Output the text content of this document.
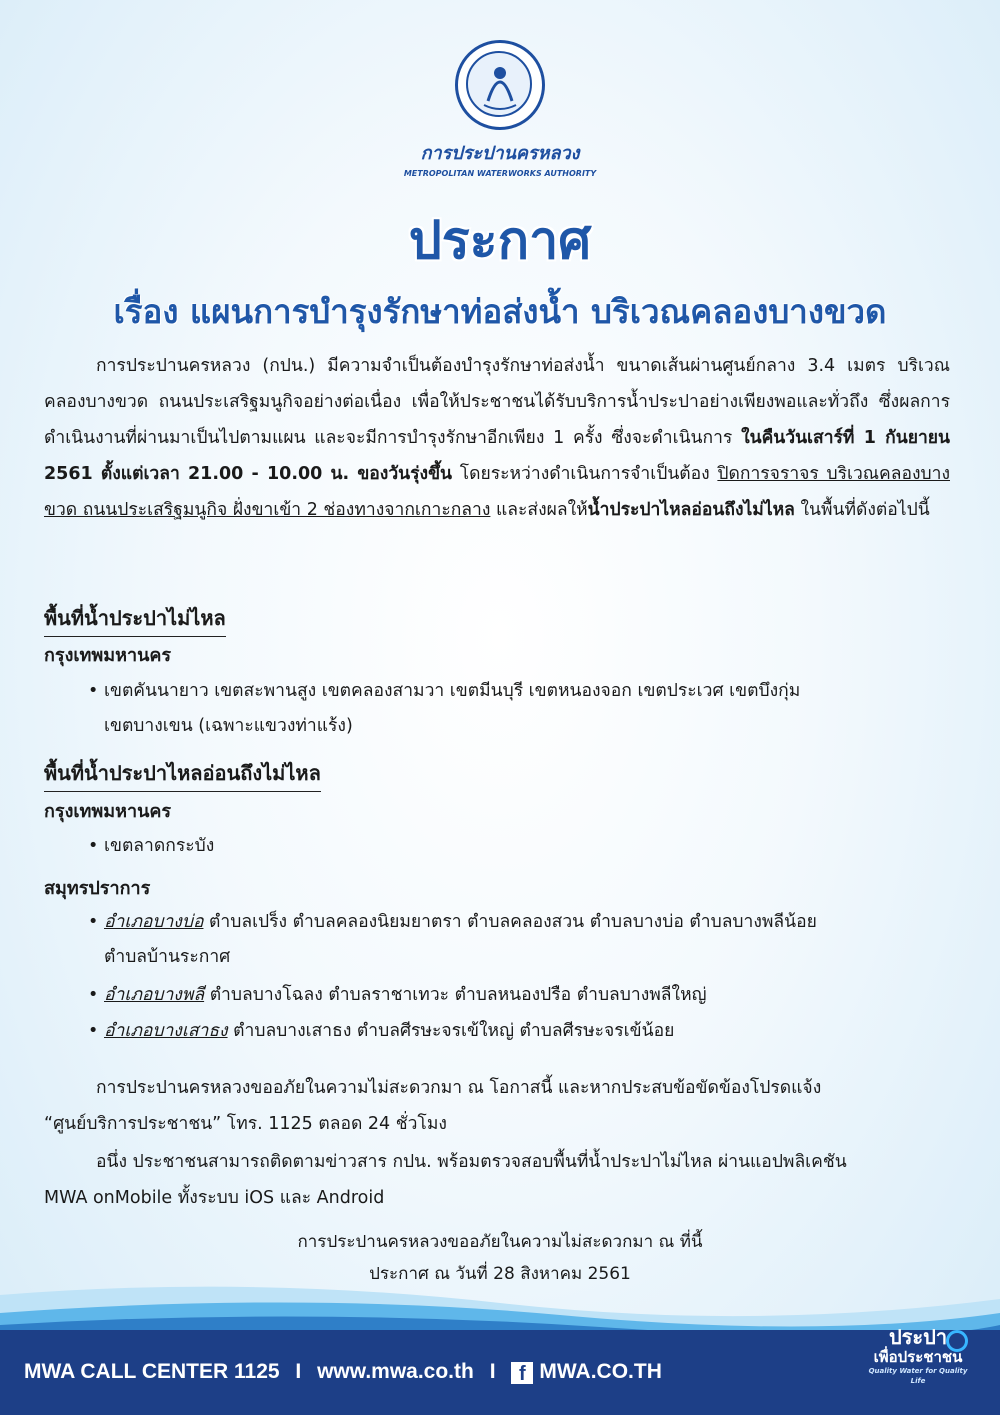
การประปานครหลวง
METROPOLITAN WATERWORKS AUTHORITY
ประกาศ
เรื่อง แผนการบำรุงรักษาท่อส่งน้ำ บริเวณคลองบางขวด
การประปานครหลวง (กปน.) มีความจำเป็นต้องบำรุงรักษาท่อส่งน้ำ ขนาดเส้นผ่านศูนย์กลาง 3.4 เมตร บริเวณคลองบางขวด ถนนประเสริฐมนูกิจอย่างต่อเนื่อง เพื่อให้ประชาชนได้รับบริการน้ำประปาอย่างเพียงพอและทั่วถึง ซึ่งผลการดำเนินงานที่ผ่านมาเป็นไปตามแผน และจะมีการบำรุงรักษาอีกเพียง 1 ครั้ง ซึ่งจะดำเนินการ ในคืนวันเสาร์ที่ 1 กันยายน 2561 ตั้งแต่เวลา 21.00 - 10.00 น. ของวันรุ่งขึ้น โดยระหว่างดำเนินการจำเป็นต้อง ปิดการจราจร บริเวณคลองบางขวด ถนนประเสริฐมนูกิจ ฝั่งขาเข้า 2 ช่องทางจากเกาะกลาง และส่งผลให้น้ำประปาไหลอ่อนถึงไม่ไหล ในพื้นที่ดังต่อไปนี้
พื้นที่น้ำประปาไม่ไหล
กรุงเทพมหานคร
• เขตคันนายาว เขตสะพานสูง เขตคลองสามวา เขตมีนบุรี เขตหนองจอก เขตประเวศ เขตบึงกุ่ม
เขตบางเขน (เฉพาะแขวงท่าแร้ง)
พื้นที่น้ำประปาไหลอ่อนถึงไม่ไหล
กรุงเทพมหานคร
• เขตลาดกระบัง
สมุทรปราการ
• อำเภอบางบ่อ ตำบลเปร็ง ตำบลคลองนิยมยาตรา ตำบลคลองสวน ตำบลบางบ่อ ตำบลบางพลีน้อย
ตำบลบ้านระกาศ
• อำเภอบางพลี ตำบลบางโฉลง ตำบลราชาเทวะ ตำบลหนองปรือ ตำบลบางพลีใหญ่
• อำเภอบางเสาธง ตำบลบางเสาธง ตำบลศีรษะจรเข้ใหญ่ ตำบลศีรษะจรเข้น้อย
การประปานครหลวงขออภัยในความไม่สะดวกมา ณ โอกาสนี้ และหากประสบข้อขัดข้องโปรดแจ้ง

“ศูนย์บริการประชาชน” โทร. 1125 ตลอด 24 ชั่วโมง
อนึ่ง ประชาชนสามารถติดตามข่าวสาร กปน. พร้อมตรวจสอบพื้นที่น้ำประปาไม่ไหล ผ่านแอปพลิเคชัน
MWA onMobile ทั้งระบบ iOS และ Android
การประปานครหลวงขออภัยในความไม่สะดวกมา ณ ที่นี้
ประกาศ ณ วันที่ 28 สิงหาคม 2561
MWA CALL CENTER 1125 I www.mwa.co.th I f MWA.CO.TH
ประปา
เพื่อประชาชน
Quality Water for Quality Life
